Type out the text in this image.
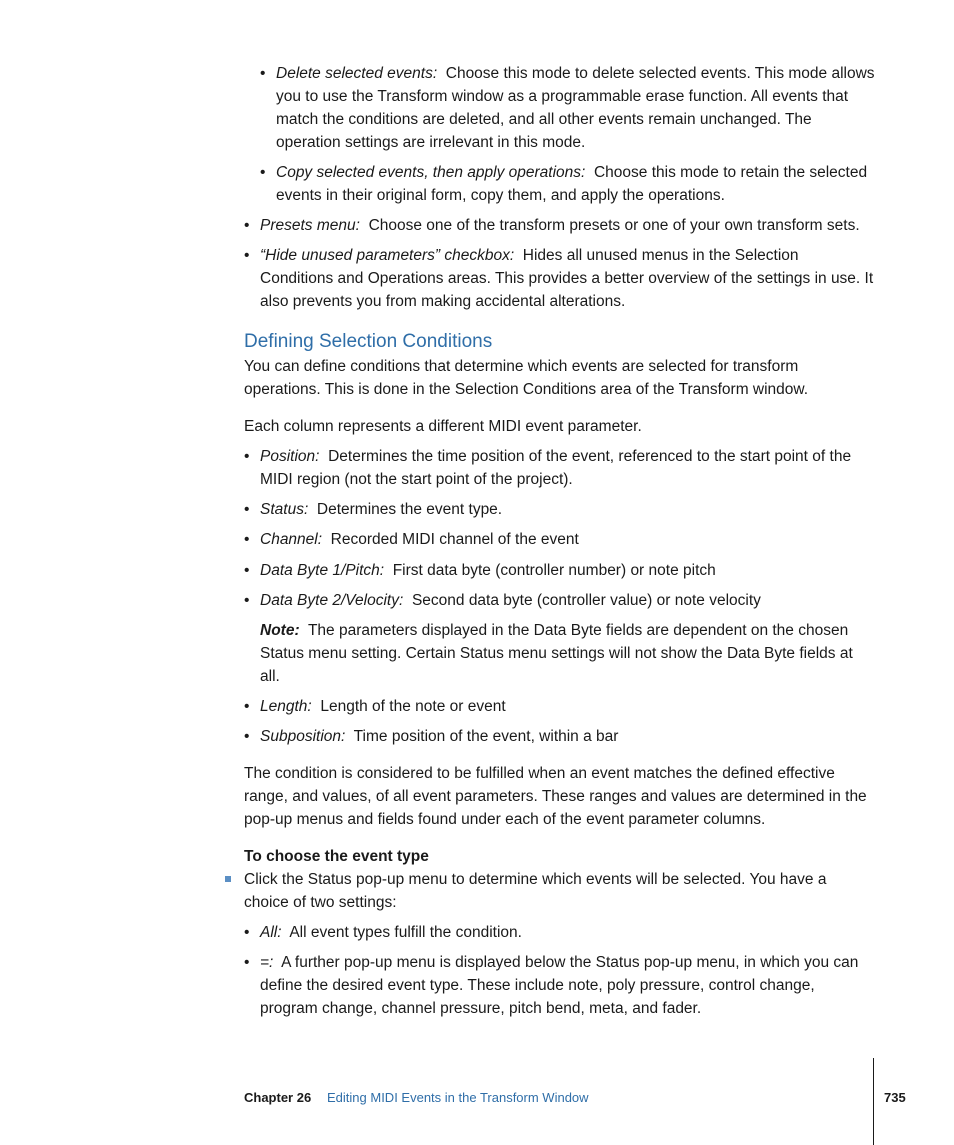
• Delete selected events: Choose this mode to delete selected events. This mode allows you to use the Transform window as a programmable erase function. All events that match the conditions are deleted, and all other events remain unchanged. The operation settings are irrelevant in this mode.
• Copy selected events, then apply operations: Choose this mode to retain the selected events in their original form, copy them, and apply the operations.
• Presets menu: Choose one of the transform presets or one of your own transform sets.
• “Hide unused parameters” checkbox: Hides all unused menus in the Selection Conditions and Operations areas. This provides a better overview of the settings in use. It also prevents you from making accidental alterations.
Defining Selection Conditions
You can define conditions that determine which events are selected for transform operations. This is done in the Selection Conditions area of the Transform window.
Each column represents a different MIDI event parameter.
• Position: Determines the time position of the event, referenced to the start point of the MIDI region (not the start point of the project).
• Status: Determines the event type.
• Channel: Recorded MIDI channel of the event
• Data Byte 1/Pitch: First data byte (controller number) or note pitch
• Data Byte 2/Velocity: Second data byte (controller value) or note velocity
Note: The parameters displayed in the Data Byte fields are dependent on the chosen Status menu setting. Certain Status menu settings will not show the Data Byte fields at all.
• Length: Length of the note or event
• Subposition: Time position of the event, within a bar
The condition is considered to be fulfilled when an event matches the defined effective range, and values, of all event parameters. These ranges and values are determined in the pop-up menus and fields found under each of the event parameter columns.
To choose the event type
Click the Status pop-up menu to determine which events will be selected. You have a choice of two settings:
• All: All event types fulfill the condition.
• =: A further pop-up menu is displayed below the Status pop-up menu, in which you can define the desired event type. These include note, poly pressure, control change, program change, channel pressure, pitch bend, meta, and fader.
Chapter 26 Editing MIDI Events in the Transform Window	735
